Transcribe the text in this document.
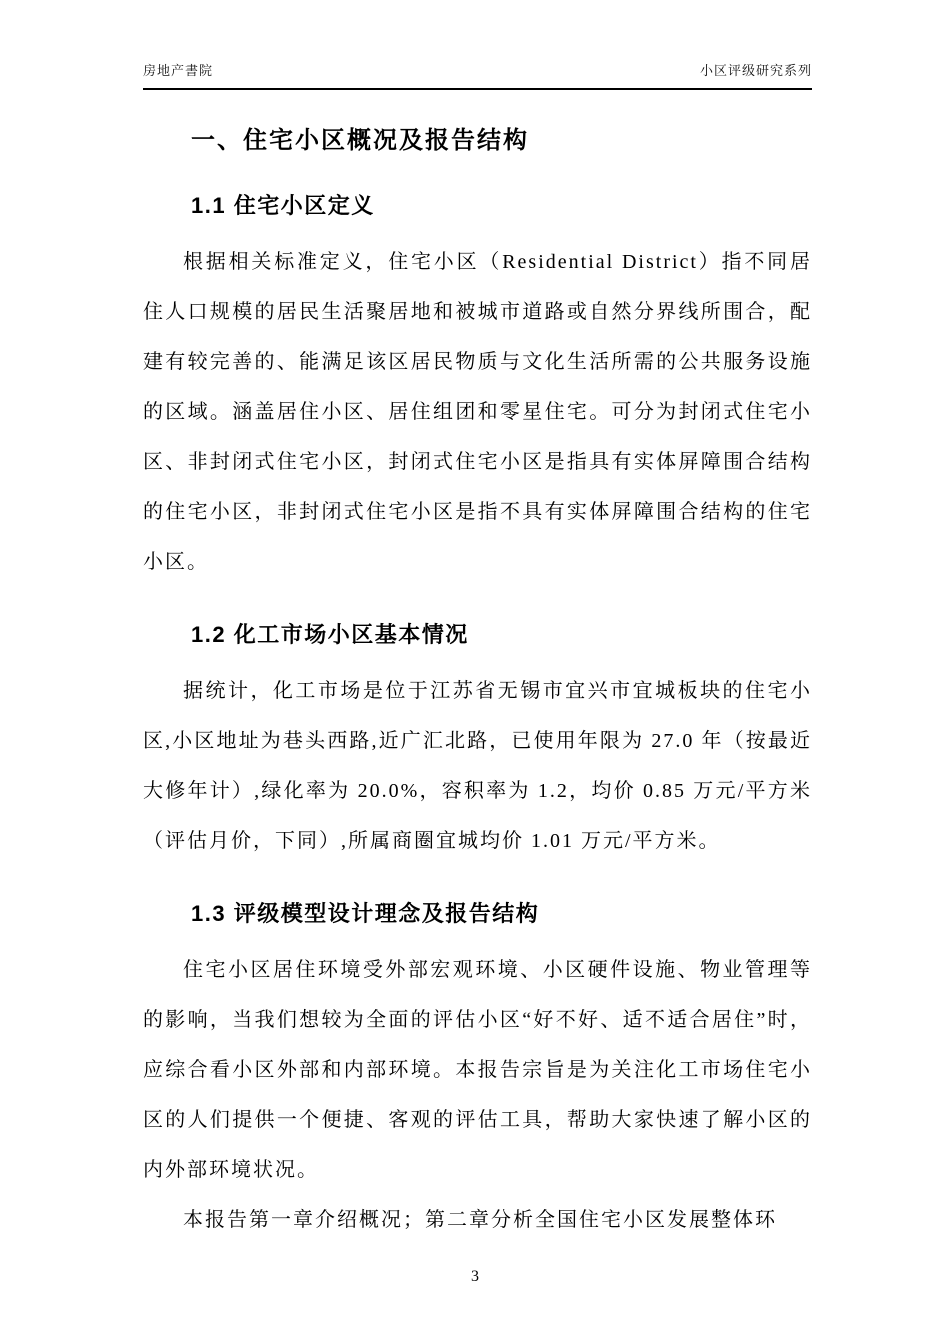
房地产書院	小区评级研究系列
一、住宅小区概况及报告结构
1.1 住宅小区定义

根据相关标准定义，住宅小区（Residential District）指不同居住人口规模的居民生活聚居地和被城市道路或自然分界线所围合，配建有较完善的、能满足该区居民物质与文化生活所需的公共服务设施的区域。涵盖居住小区、居住组团和零星住宅。可分为封闭式住宅小区、非封闭式住宅小区，封闭式住宅小区是指具有实体屏障围合结构的住宅小区，非封闭式住宅小区是指不具有实体屏障围合结构的住宅小区。

1.2 化工市场小区基本情况

据统计，化工市场是位于江苏省无锡市宜兴市宜城板块的住宅小区,小区地址为巷头西路,近广汇北路，已使用年限为 27.0 年（按最近大修年计）,绿化率为 20.0%，容积率为 1.2，均价 0.85 万元/平方米（评估月价，下同）,所属商圈宜城均价 1.01 万元/平方米。

1.3 评级模型设计理念及报告结构

住宅小区居住环境受外部宏观环境、小区硬件设施、物业管理等的影响，当我们想较为全面的评估小区“好不好、适不适合居住”时，应综合看小区外部和内部环境。本报告宗旨是为关注化工市场住宅小区的人们提供一个便捷、客观的评估工具，帮助大家快速了解小区的内外部环境状况。

本报告第一章介绍概况；第二章分析全国住宅小区发展整体环

3
